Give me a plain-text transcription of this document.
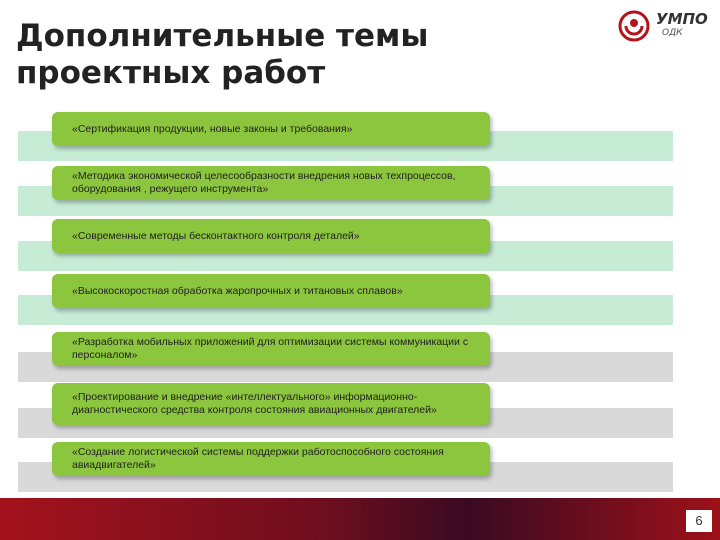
Дополнительные темы проектных работ
УМПО
ОДК
«Сертификация продукции, новые законы и требования»
«Методика экономической целесообразности внедрения новых техпроцессов, оборудования , режущего инструмента»
«Современные методы бесконтактного контроля деталей»
«Высокоскоростная обработка жаропрочных и титановых сплавов»
«Разработка мобильных приложений для оптимизации системы коммуникации с персоналом»
«Проектирование и внедрение «интеллектуального» информационно- диагностического средства контроля состояния авиационных двигателей»
«Создание логистической системы поддержки работоспособного состояния авиадвигателей»
6
